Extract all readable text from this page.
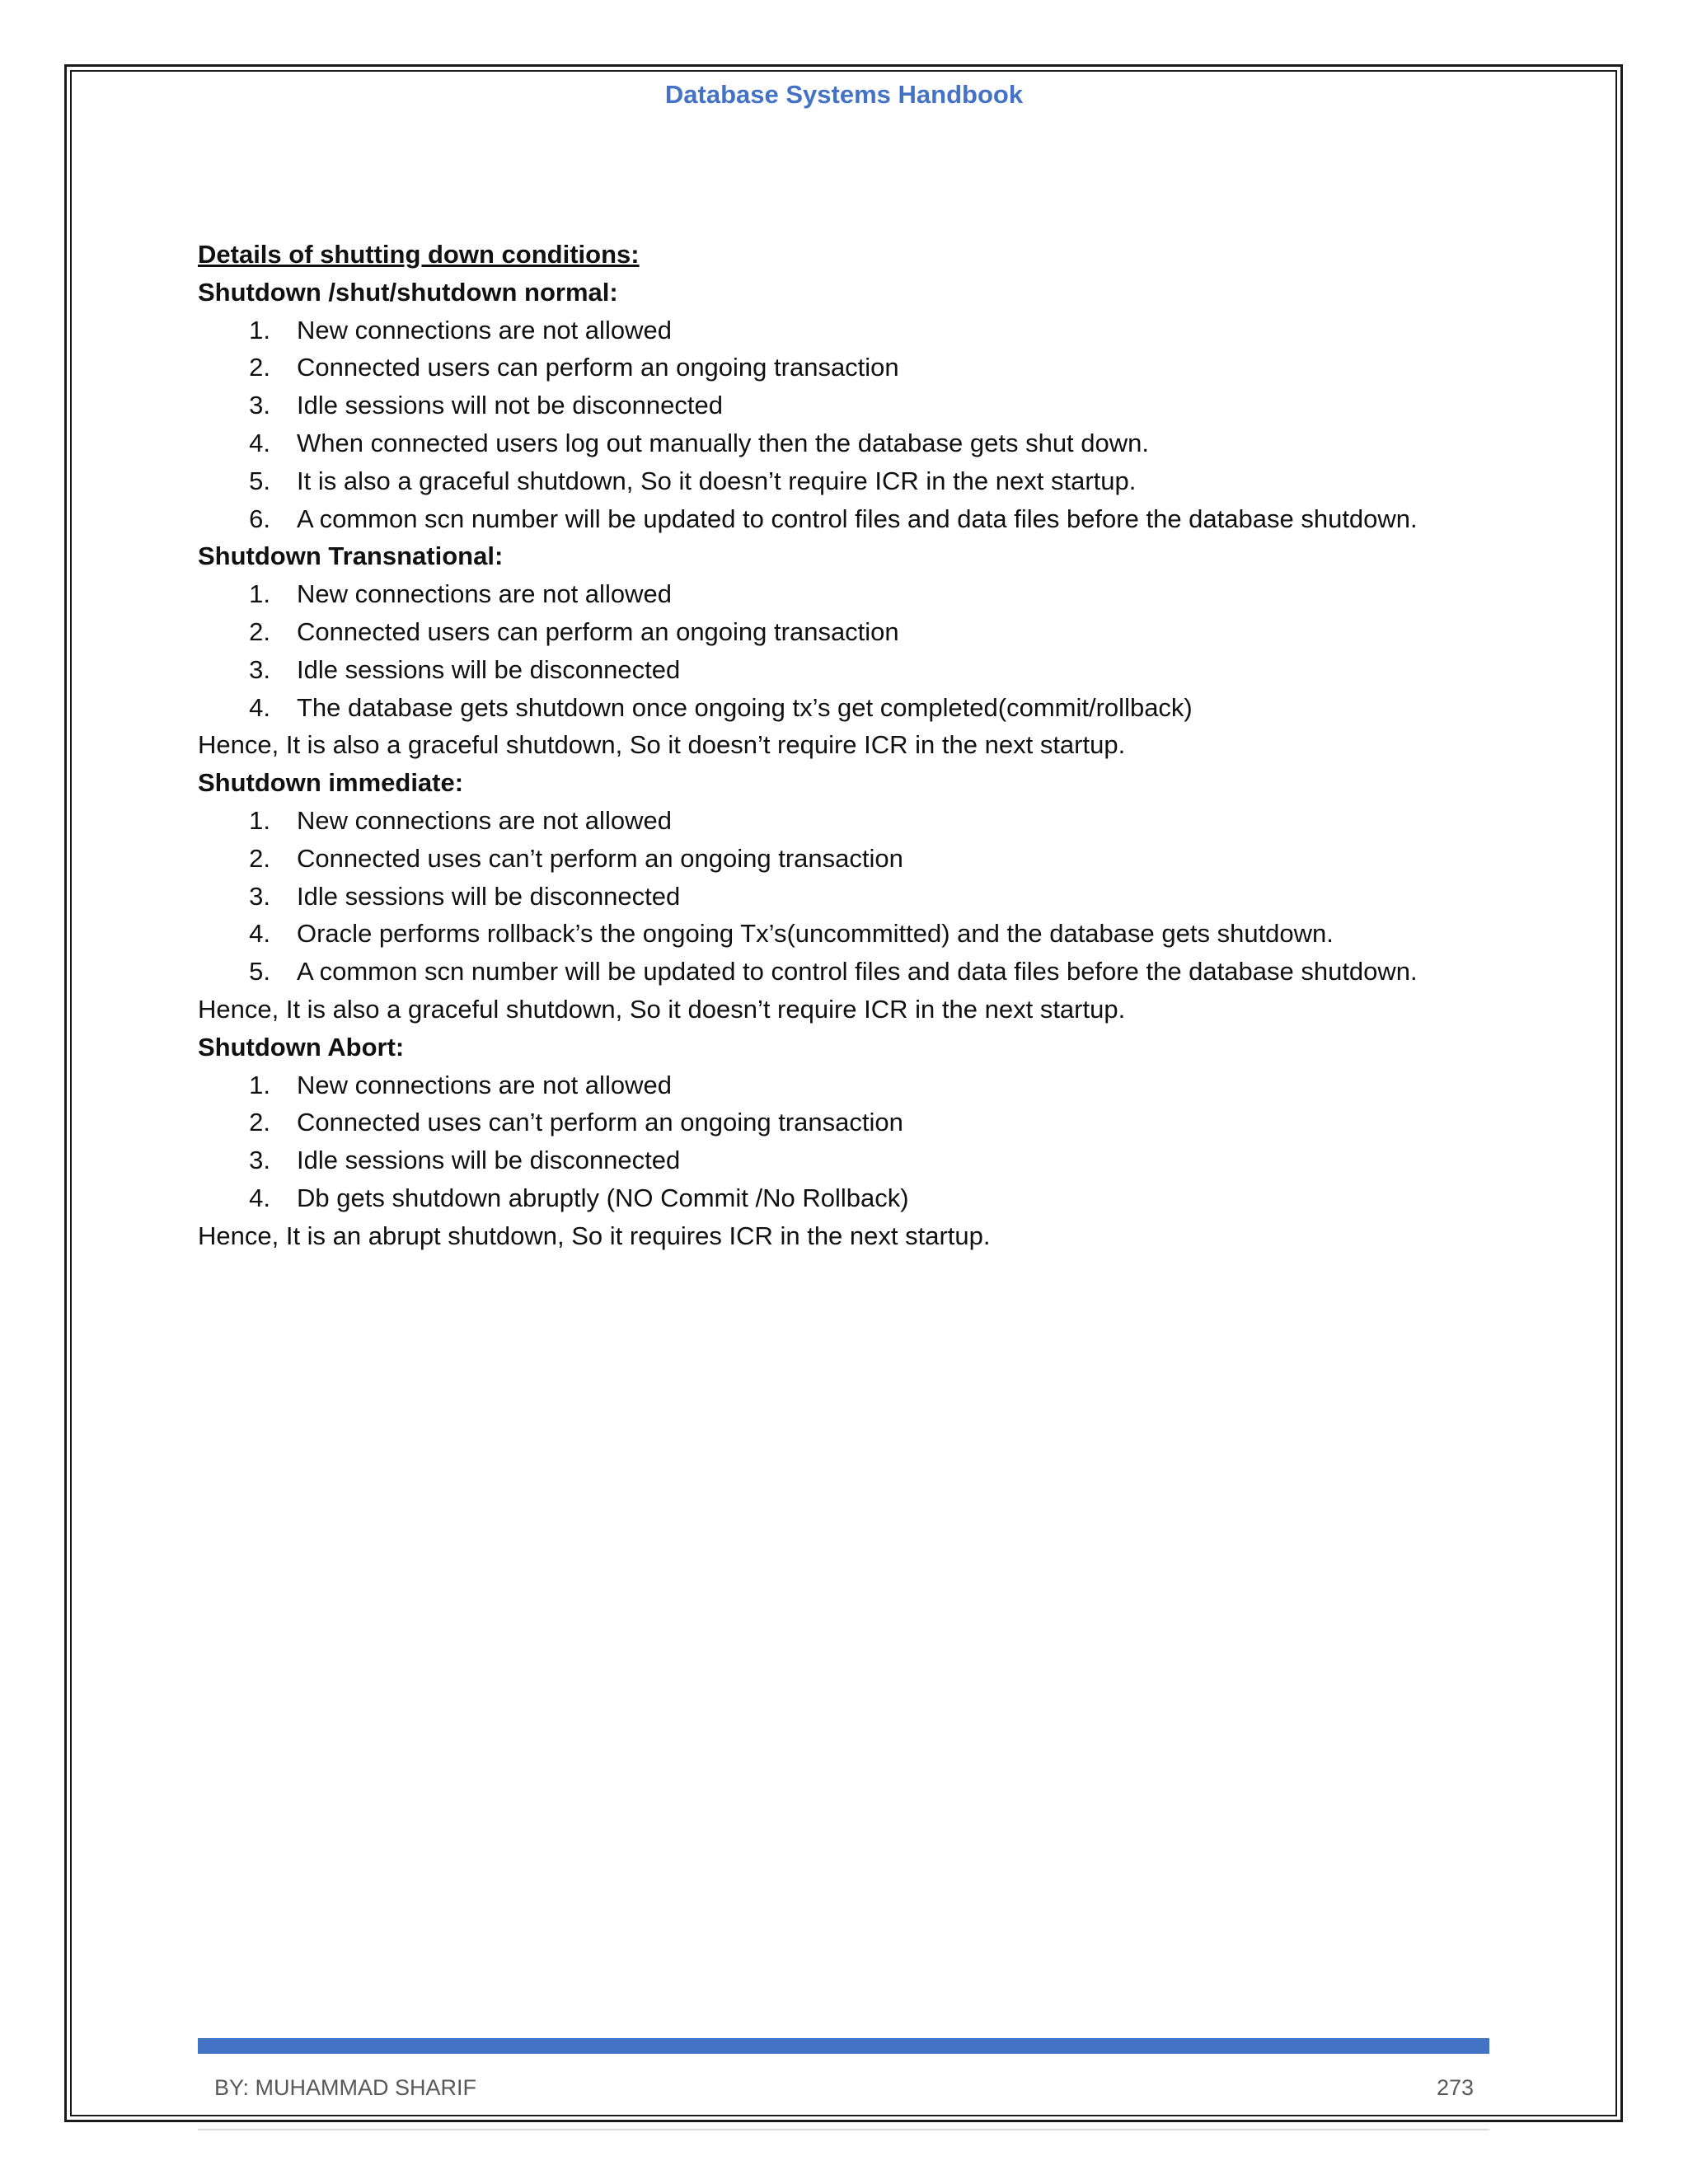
Database Systems Handbook
Details of shutting down conditions:
Shutdown /shut/shutdown normal:
1. New connections are not allowed
2. Connected users can perform an ongoing transaction
3. Idle sessions will not be disconnected
4. When connected users log out manually then the database gets shut down.
5. It is also a graceful shutdown, So it doesn’t require ICR in the next startup.
6. A common scn number will be updated to control files and data files before the database shutdown.
Shutdown Transnational:
1. New connections are not allowed
2. Connected users can perform an ongoing transaction
3. Idle sessions will be disconnected
4. The database gets shutdown once ongoing tx’s get completed(commit/rollback)
Hence, It is also a graceful shutdown, So it doesn’t require ICR in the next startup.
Shutdown immediate:
1. New connections are not allowed
2. Connected uses can’t perform an ongoing transaction
3. Idle sessions will be disconnected
4. Oracle performs rollback’s the ongoing Tx’s(uncommitted) and the database gets shutdown.
5. A common scn number will be updated to control files and data files before the database shutdown.
Hence, It is also a graceful shutdown, So it doesn’t require ICR in the next startup.
Shutdown Abort:
1. New connections are not allowed
2. Connected uses can’t perform an ongoing transaction
3. Idle sessions will be disconnected
4. Db gets shutdown abruptly (NO Commit /No Rollback)
Hence, It is an abrupt shutdown, So it requires ICR in the next startup.
BY: MUHAMMAD SHARIF	273
